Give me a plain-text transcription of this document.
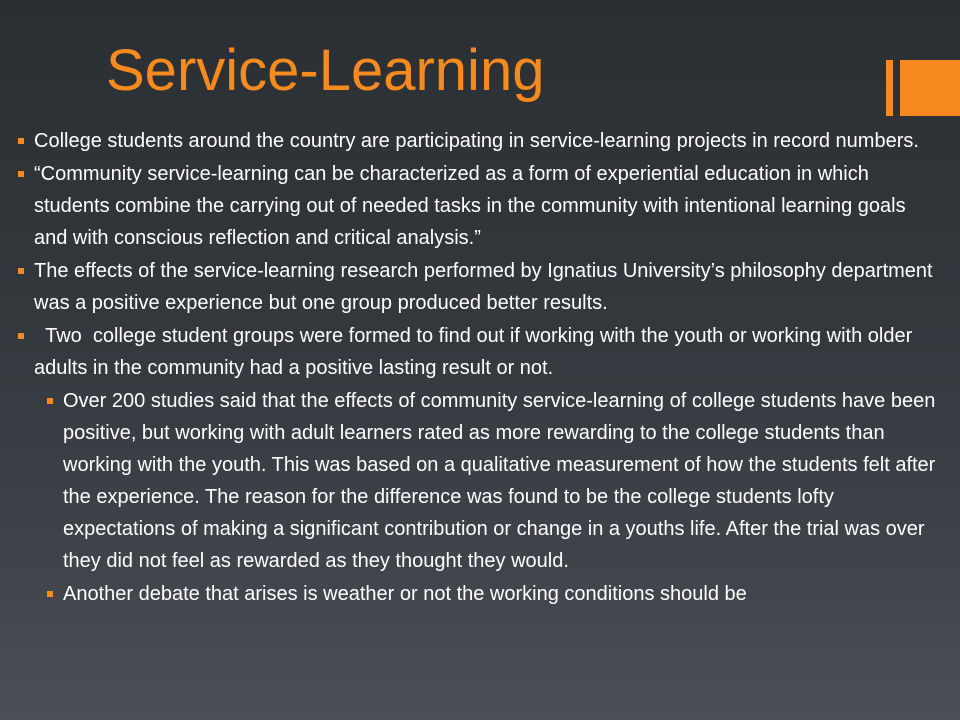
Service-Learning

College students around the country are participating in service-learning projects in record numbers.

“Community service-learning can be characterized as a form of experiential education in which students combine the carrying out of needed tasks in the community with intentional learning goals and with conscious reflection and critical analysis.”

The effects of the service-learning research performed by Ignatius University’s philosophy department was a positive experience but one group produced better results.

Two  college student groups were formed to find out if working with the youth or working with older adults in the community had a positive lasting result or not.

Over 200 studies said that the effects of community service-learning of college students have been positive, but working with adult learners rated as more rewarding to the college students than working with the youth. This was based on a qualitative measurement of how the students felt after the experience. The reason for the difference was found to be the college students lofty expectations of making a significant contribution or change in a youths life. After the trial was over they did not feel as rewarded as they thought they would.

Another debate that arises is weather or not the working conditions should be
